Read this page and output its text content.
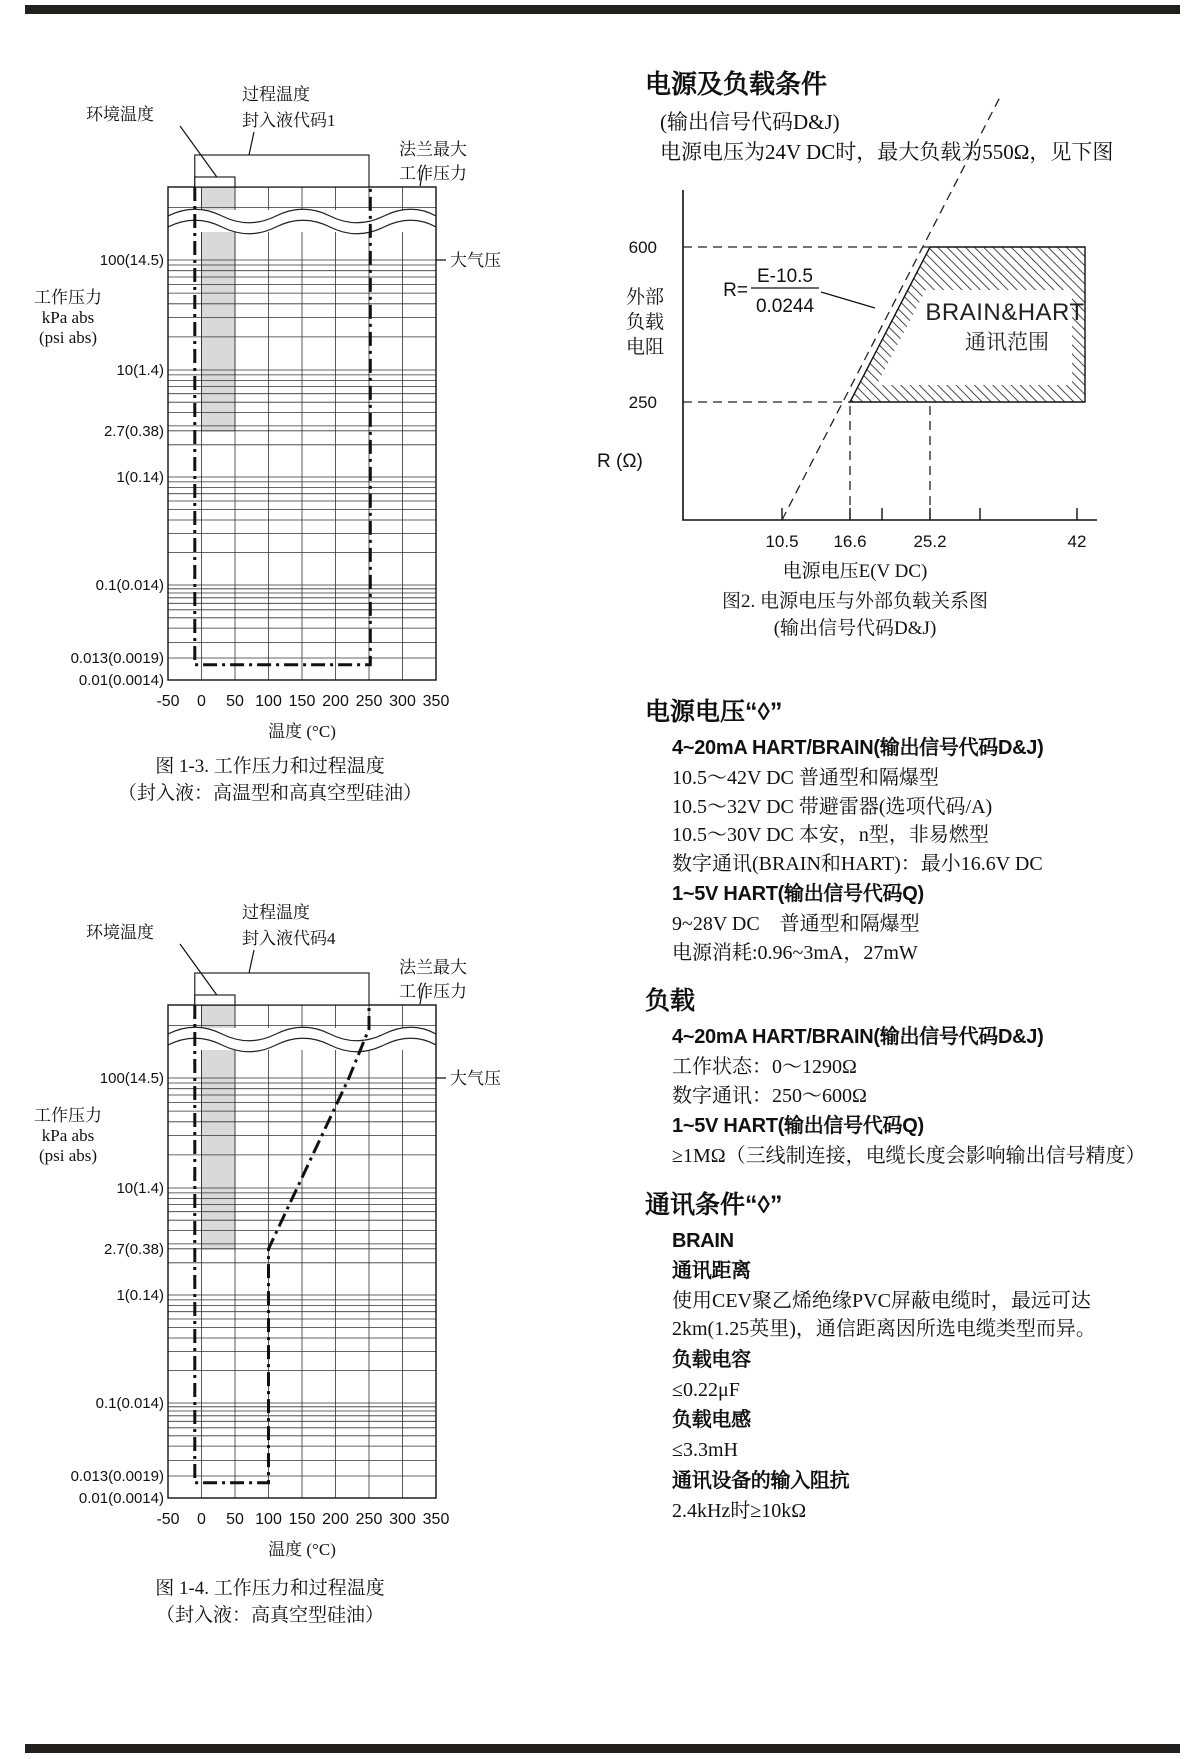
100(14.5)
10(1.4)
2.7(0.38)
1(0.14)
0.1(0.014)
0.013(0.0019)
0.01(0.0014)
-50 0 50 100 150 200 250 300 350
温度 (°C)
工作压力
kPa abs
(psi abs)
环境温度
过程温度
封入液代码1
法兰最大
工作压力
大气压
图 1-3. 工作压力和过程温度
（封入液：高温型和高真空型硅油）
100(14.5)
10(1.4)
2.7(0.38)
1(0.14)
0.1(0.014)
0.013(0.0019)
0.01(0.0014)
-50 0 50 100 150 200 250 300 350
温度 (°C)
工作压力
kPa abs
(psi abs)
环境温度
过程温度
封入液代码4
法兰最大
工作压力
大气压
图 1-4. 工作压力和过程温度
（封入液：高真空型硅油）
BRAIN&HART
通讯范围
600
250
外部
负载
电阻
R (Ω)
10.5 16.6	25.2	42
电源电压E(V DC)
R=
E-10.5
0.0244
图2. 电源电压与外部负载关系图
(输出信号代码D&J)
电源及负载条件
(输出信号代码D&J)
电源电压为24V DC时，最大负载为550Ω，见下图
电源电压“◊”
4~20mA HART/BRAIN(输出信号代码D&J)
10.5～42V DC 普通型和隔爆型
10.5～32V DC 带避雷器(选项代码/A)
10.5～30V DC 本安，n型，非易燃型
数字通讯(BRAIN和HART)：最小16.6V DC
1~5V HART(输出信号代码Q)
9~28V DC　普通型和隔爆型
电源消耗:0.96~3mA，27mW
负载
4~20mA HART/BRAIN(输出信号代码D&J)
工作状态：0～1290Ω
数字通讯：250～600Ω
1~5V HART(输出信号代码Q)
≥1MΩ（三线制连接，电缆长度会影响输出信号精度）
通讯条件“◊”
BRAIN
通讯距离
使用CEV聚乙烯绝缘PVC屏蔽电缆时，最远可达
2km(1.25英里)，通信距离因所选电缆类型而异。
负载电容
≤0.22μF
负载电感
≤3.3mH
通讯设备的输入阻抗
2.4kHz时≥10kΩ
